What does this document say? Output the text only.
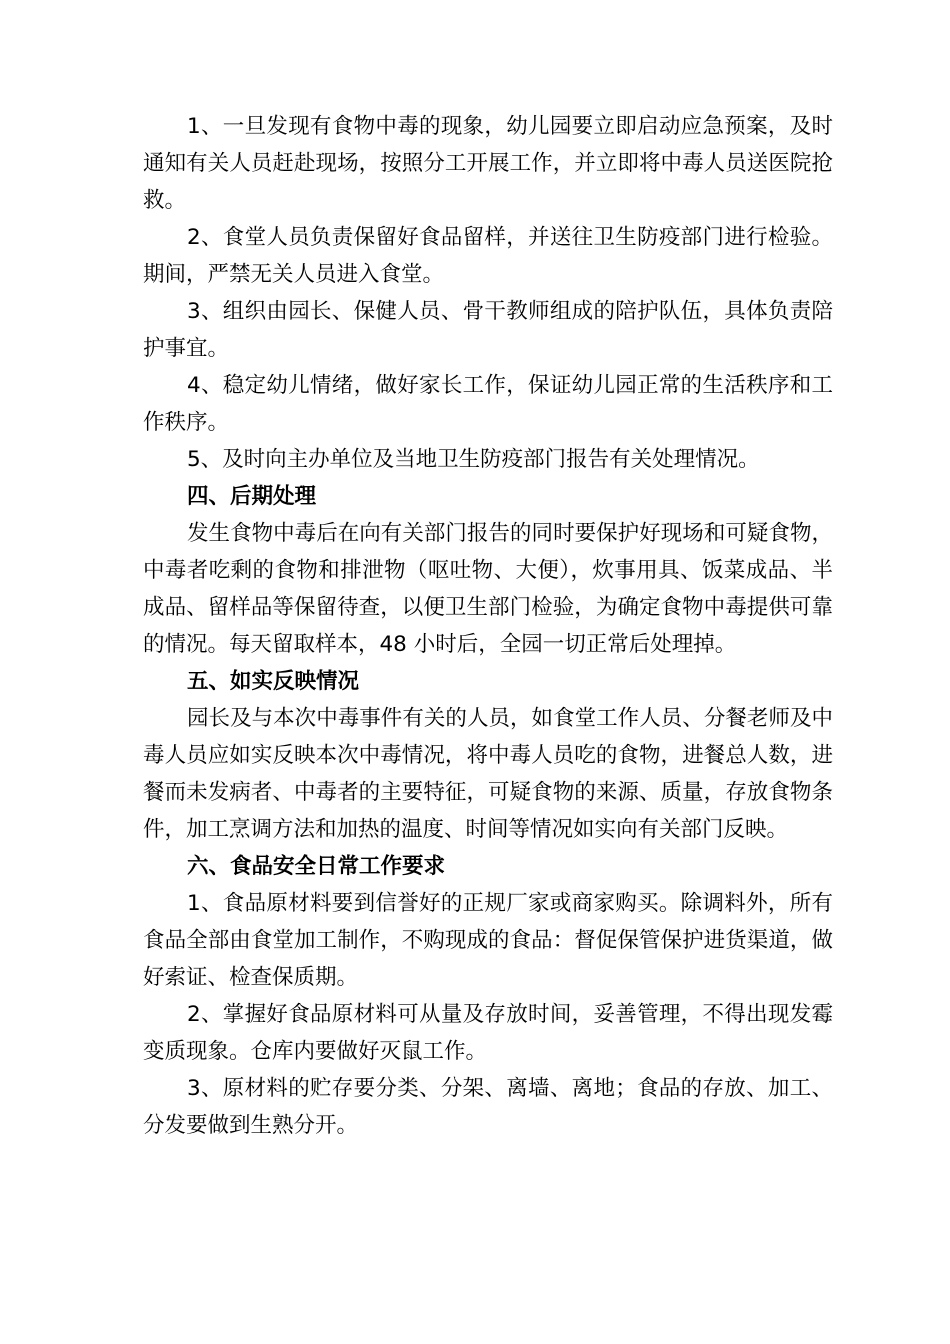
1、一旦发现有食物中毒的现象，幼儿园要立即启动应急预案，及时通知有关人员赶赴现场，按照分工开展工作，并立即将中毒人员送医院抢救。

2、食堂人员负责保留好食品留样，并送往卫生防疫部门进行检验。期间，严禁无关人员进入食堂。

3、组织由园长、保健人员、骨干教师组成的陪护队伍，具体负责陪护事宜。

4、稳定幼儿情绪，做好家长工作，保证幼儿园正常的生活秩序和工作秩序。

5、及时向主办单位及当地卫生防疫部门报告有关处理情况。

四、后期处理

发生食物中毒后在向有关部门报告的同时要保护好现场和可疑食物，中毒者吃剩的食物和排泄物（呕吐物、大便），炊事用具、饭菜成品、半成品、留样品等保留待查，以便卫生部门检验，为确定食物中毒提供可靠的情况。每天留取样本，48 小时后，全园一切正常后处理掉。

五、如实反映情况

园长及与本次中毒事件有关的人员，如食堂工作人员、分餐老师及中毒人员应如实反映本次中毒情况，将中毒人员吃的食物，进餐总人数，进餐而未发病者、中毒者的主要特征，可疑食物的来源、质量，存放食物条件，加工烹调方法和加热的温度、时间等情况如实向有关部门反映。

六、食品安全日常工作要求

1、食品原材料要到信誉好的正规厂家或商家购买。除调料外，所有食品全部由食堂加工制作，不购现成的食品：督促保管保护进货渠道，做好索证、检查保质期。

2、掌握好食品原材料可从量及存放时间，妥善管理，不得出现发霉变质现象。仓库内要做好灭鼠工作。

3、原材料的贮存要分类、分架、离墙、离地；食品的存放、加工、分发要做到生熟分开。
